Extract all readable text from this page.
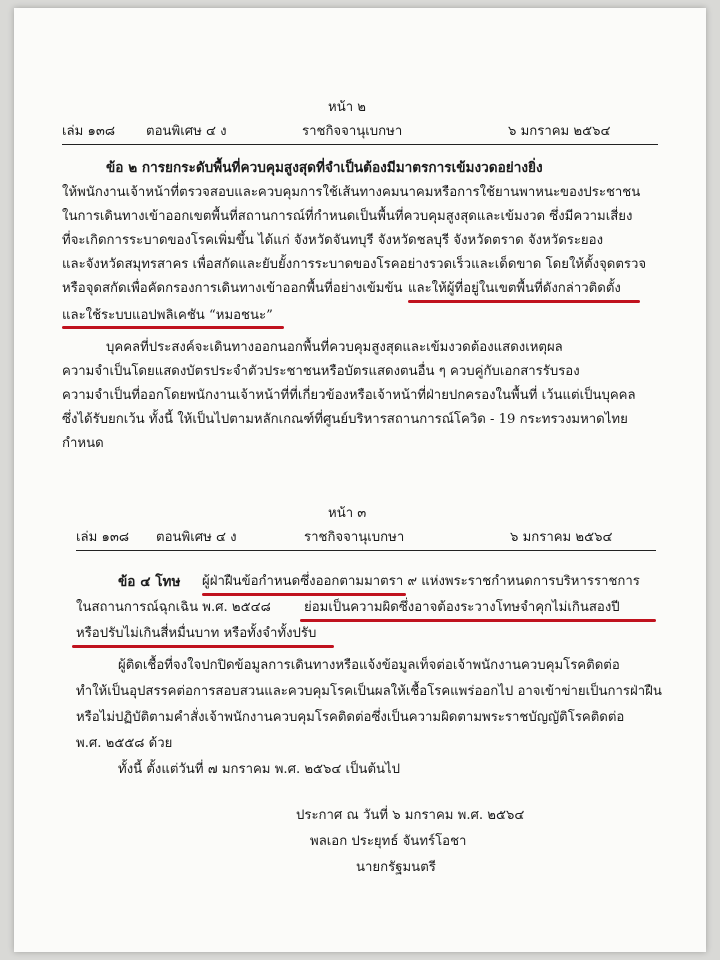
หน้า ๒
เล่ม ๑๓๘ ตอนพิเศษ ๔ ง	ราชกิจจานุเบกษา	๖ มกราคม ๒๕๖๔
ข้อ ๒ การยกระดับพื้นที่ควบคุมสูงสุดที่จำเป็นต้องมีมาตรการเข้มงวดอย่างยิ่ง
ให้พนักงานเจ้าหน้าที่ตรวจสอบและควบคุมการใช้เส้นทางคมนาคมหรือการใช้ยานพาหนะของประชาชน
ในการเดินทางเข้าออกเขตพื้นที่สถานการณ์ที่กำหนดเป็นพื้นที่ควบคุมสูงสุดและเข้มงวด ซึ่งมีความเสี่ยง
ที่จะเกิดการระบาดของโรคเพิ่มขึ้น ได้แก่ จังหวัดจันทบุรี จังหวัดชลบุรี จังหวัดตราด จังหวัดระยอง
และจังหวัดสมุทรสาคร เพื่อสกัดและยับยั้งการระบาดของโรคอย่างรวดเร็วและเด็ดขาด โดยให้ตั้งจุดตรวจ
หรือจุดสกัดเพื่อคัดกรองการเดินทางเข้าออกพื้นที่อย่างเข้มข้น และให้ผู้ที่อยู่ในเขตพื้นที่ดังกล่าวติดตั้ง
และใช้ระบบแอปพลิเคชัน “หมอชนะ”
บุคคลที่ประสงค์จะเดินทางออกนอกพื้นที่ควบคุมสูงสุดและเข้มงวดต้องแสดงเหตุผล
ความจำเป็นโดยแสดงบัตรประจำตัวประชาชนหรือบัตรแสดงตนอื่น ๆ ควบคู่กับเอกสารรับรอง
ความจำเป็นที่ออกโดยพนักงานเจ้าหน้าที่ที่เกี่ยวข้องหรือเจ้าหน้าที่ฝ่ายปกครองในพื้นที่ เว้นแต่เป็นบุคคล
ซึ่งได้รับยกเว้น ทั้งนี้ ให้เป็นไปตามหลักเกณฑ์ที่ศูนย์บริหารสถานการณ์โควิด - 19 กระทรวงมหาดไทย
กำหนด
หน้า ๓
เล่ม ๑๓๘ ตอนพิเศษ ๔ ง	ราชกิจจานุเบกษา	๖ มกราคม ๒๕๖๔
ข้อ ๔ โทษ ผู้ฝ่าฝืนข้อกำหนดซึ่งออกตามมาตรา ๙ แห่งพระราชกำหนดการบริหารราชการ
ในสถานการณ์ฉุกเฉิน พ.ศ. ๒๕๔๘	ย่อมเป็นความผิดซึ่งอาจต้องระวางโทษจำคุกไม่เกินสองปี
หรือปรับไม่เกินสี่หมื่นบาท หรือทั้งจำทั้งปรับ
ผู้ติดเชื้อที่จงใจปกปิดข้อมูลการเดินทางหรือแจ้งข้อมูลเท็จต่อเจ้าพนักงานควบคุมโรคติดต่อ
ทำให้เป็นอุปสรรคต่อการสอบสวนและควบคุมโรคเป็นผลให้เชื้อโรคแพร่ออกไป อาจเข้าข่ายเป็นการฝ่าฝืน
หรือไม่ปฏิบัติตามคำสั่งเจ้าพนักงานควบคุมโรคติดต่อซึ่งเป็นความผิดตามพระราชบัญญัติโรคติดต่อ
พ.ศ. ๒๕๕๘ ด้วย
ทั้งนี้ ตั้งแต่วันที่ ๗ มกราคม พ.ศ. ๒๕๖๔ เป็นต้นไป
ประกาศ ณ วันที่ ๖ มกราคม พ.ศ. ๒๕๖๔
พลเอก ประยุทธ์ จันทร์โอชา
นายกรัฐมนตรี
